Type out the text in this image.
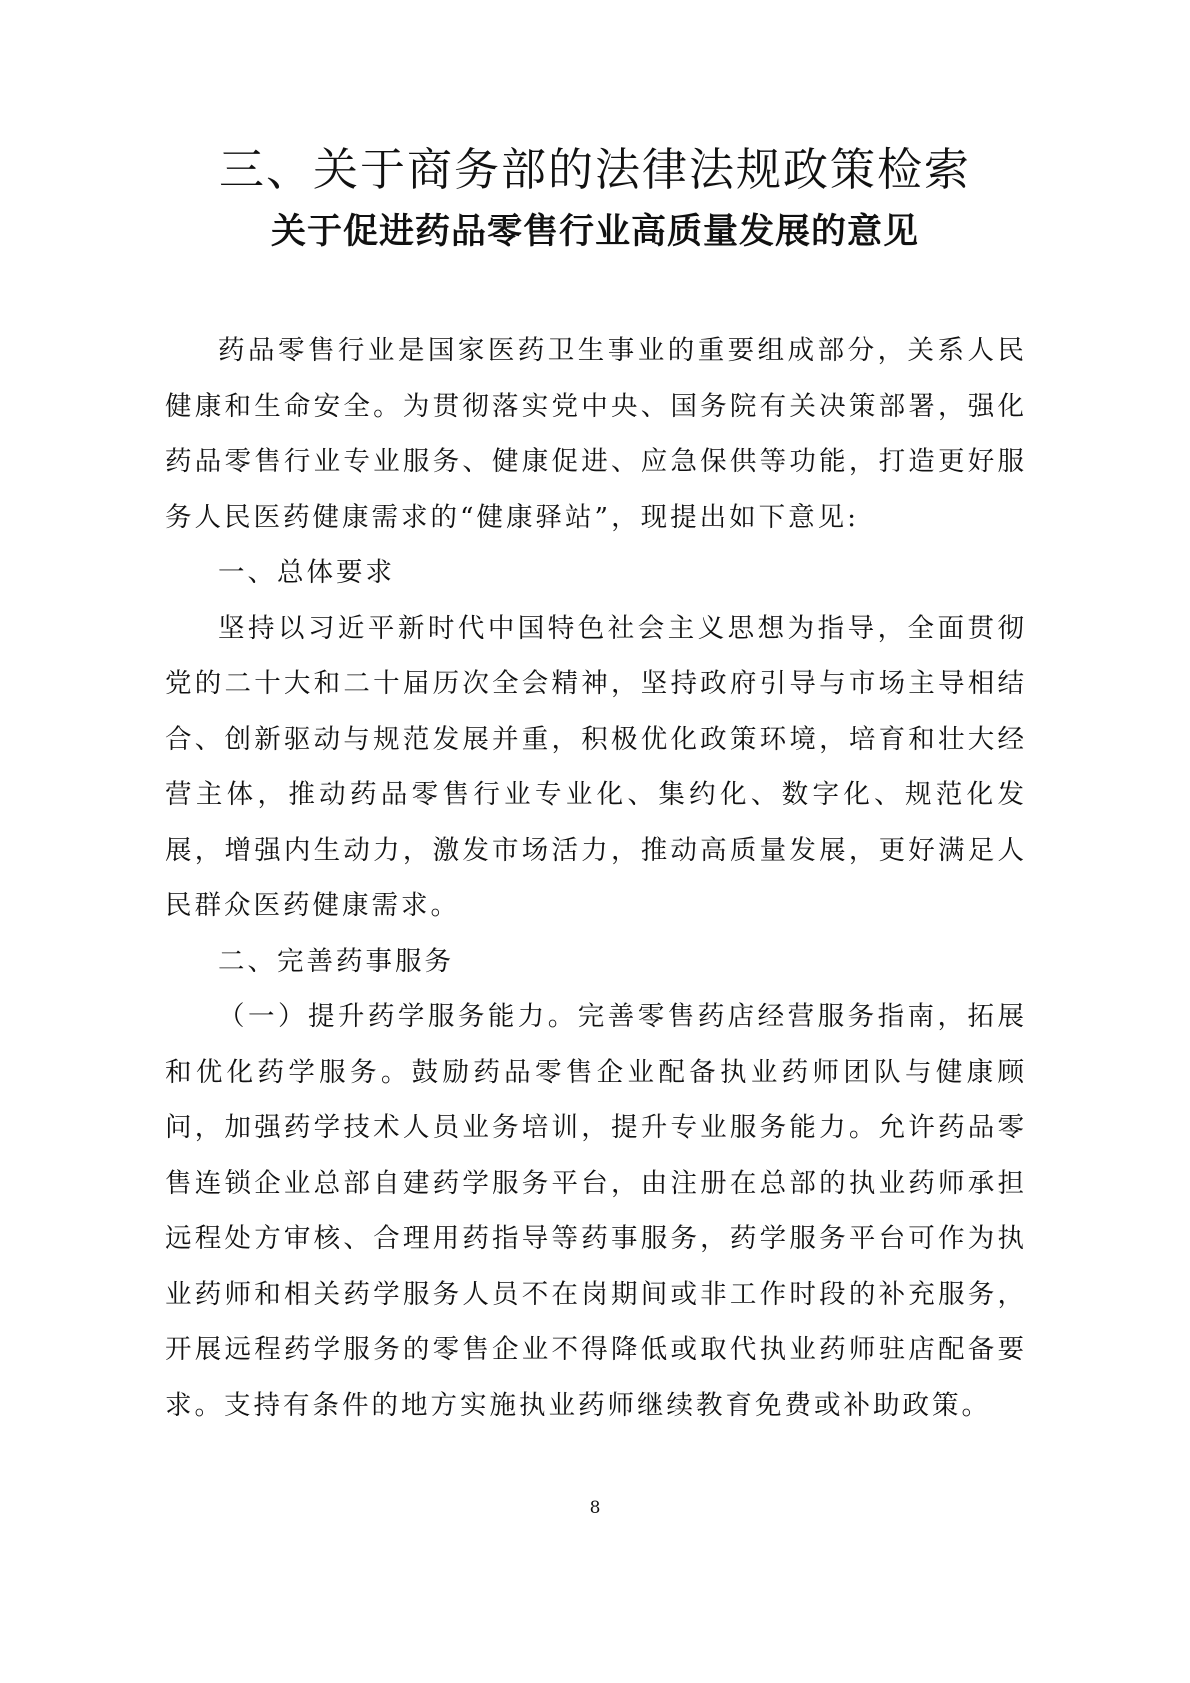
三、关于商务部的法律法规政策检索
关于促进药品零售行业高质量发展的意见

药品零售行业是国家医药卫生事业的重要组成部分，关系人民健康和生命安全。为贯彻落实党中央、国务院有关决策部署，强化药品零售行业专业服务、健康促进、应急保供等功能，打造更好服务人民医药健康需求的“健康驿站”，现提出如下意见:

一、总体要求

坚持以习近平新时代中国特色社会主义思想为指导，全面贯彻党的二十大和二十届历次全会精神，坚持政府引导与市场主导相结合、创新驱动与规范发展并重，积极优化政策环境，培育和壮大经营主体，推动药品零售行业专业化、集约化、数字化、规范化发展，增强内生动力，激发市场活力，推动高质量发展，更好满足人民群众医药健康需求。

二、完善药事服务

（一）提升药学服务能力。完善零售药店经营服务指南，拓展和优化药学服务。鼓励药品零售企业配备执业药师团队与健康顾问，加强药学技术人员业务培训，提升专业服务能力。允许药品零售连锁企业总部自建药学服务平台，由注册在总部的执业药师承担远程处方审核、合理用药指导等药事服务，药学服务平台可作为执业药师和相关药学服务人员不在岗期间或非工作时段的补充服务，开展远程药学服务的零售企业不得降低或取代执业药师驻店配备要求。支持有条件的地方实施执业药师继续教育免费或补助政策。

8
